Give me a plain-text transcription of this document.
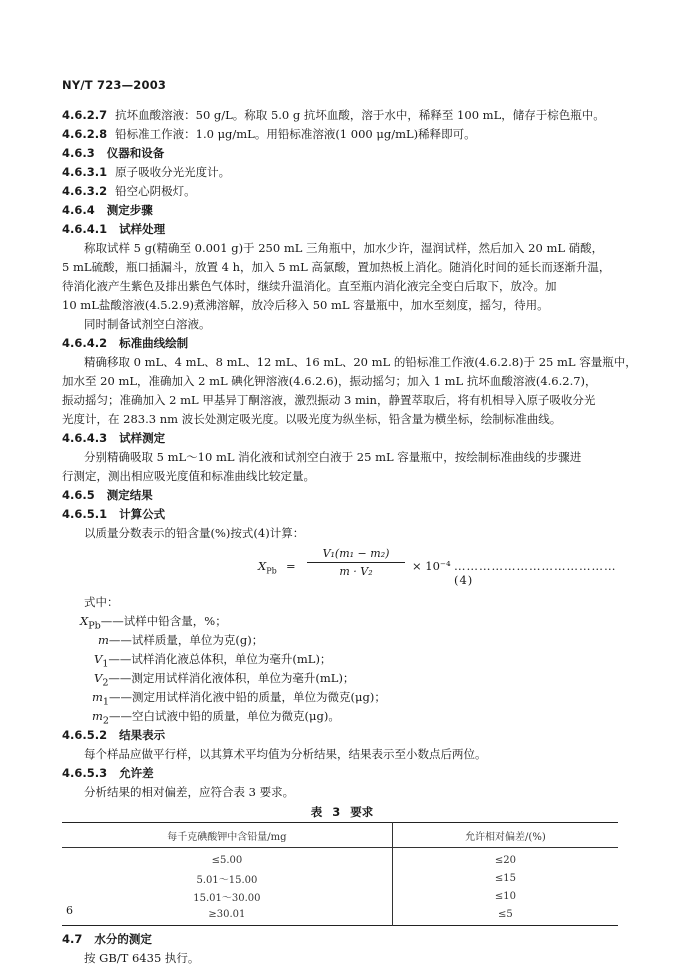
NY/T 723—2003
4.6.2.7 抗坏血酸溶液：50 g/L。称取 5.0 g 抗坏血酸，溶于水中，稀释至 100 mL，储存于棕色瓶中。
4.6.2.8 铅标准工作液：1.0 μg/mL。用铅标准溶液(1 000 μg/mL)稀释即可。
4.6.3 仪器和设备
4.6.3.1 原子吸收分光光度计。
4.6.3.2 铅空心阴极灯。
4.6.4 测定步骤
4.6.4.1 试样处理
称取试样 5 g(精确至 0.001 g)于 250 mL 三角瓶中，加水少许，湿润试样，然后加入 20 mL 硝酸，
5 mL硫酸，瓶口插漏斗，放置 4 h，加入 5 mL 高氯酸，置加热板上消化。随消化时间的延长而逐渐升温，
待消化液产生紫色及排出紫色气体时，继续升温消化。直至瓶内消化液完全变白后取下，放冷。加
10 mL盐酸溶液(4.5.2.9)煮沸溶解，放冷后移入 50 mL 容量瓶中，加水至刻度，摇匀，待用。
同时制备试剂空白溶液。
4.6.4.2 标准曲线绘制
精确移取 0 mL、4 mL、8 mL、12 mL、16 mL、20 mL 的铅标准工作液(4.6.2.8)于 25 mL 容量瓶中，
加水至 20 mL，准确加入 2 mL 碘化钾溶液(4.6.2.6)，振动摇匀；加入 1 mL 抗坏血酸溶液(4.6.2.7)，
振动摇匀；准确加入 2 mL 甲基异丁酮溶液，激烈振动 3 min，静置萃取后，将有机相导入原子吸收分光
光度计，在 283.3 nm 波长处测定吸光度。以吸光度为纵坐标，铅含量为横坐标，绘制标准曲线。
4.6.4.3 试样测定
分别精确吸取 5 mL～10 mL 消化液和试剂空白液于 25 mL 容量瓶中，按绘制标准曲线的步骤进
行测定，测出相应吸光度值和标准曲线比较定量。
4.6.5 测定结果
4.6.5.1 计算公式
以质量分数表示的铅含量(%)按式(4)计算：
$X_{Pb} = \frac{\text{V₁(m₁ − m₂)}}{\text{m · V₂}} \times 10^{-4}$ …………………………………(4)
式中：
$X_{Pb}——$试样中铅含量，%；
m——试样质量，单位为克(g)；
$V_1——$试样消化液总体积，单位为毫升(mL)；
$V_2——$测定用试样消化液体积，单位为毫升(mL)；
$m_1——$测定用试样消化液中铅的质量，单位为微克(μg)；
$m_2——$空白试液中铅的质量，单位为微克(μg)。
4.6.5.2 结果表示
每个样品应做平行样，以其算术平均值为分析结果，结果表示至小数点后两位。
4.6.5.3 允许差
分析结果的相对偏差，应符合表 3 要求。
表 3 要求
每千克碘酸钾中含铅量/mg	允许相对偏差/(%)
≤5.00	≤20
5.01～15.00	≤15
15.01～30.00	≤10
≥30.01	≤5
4.7 水分的测定
按 GB/T 6435 执行。
6
